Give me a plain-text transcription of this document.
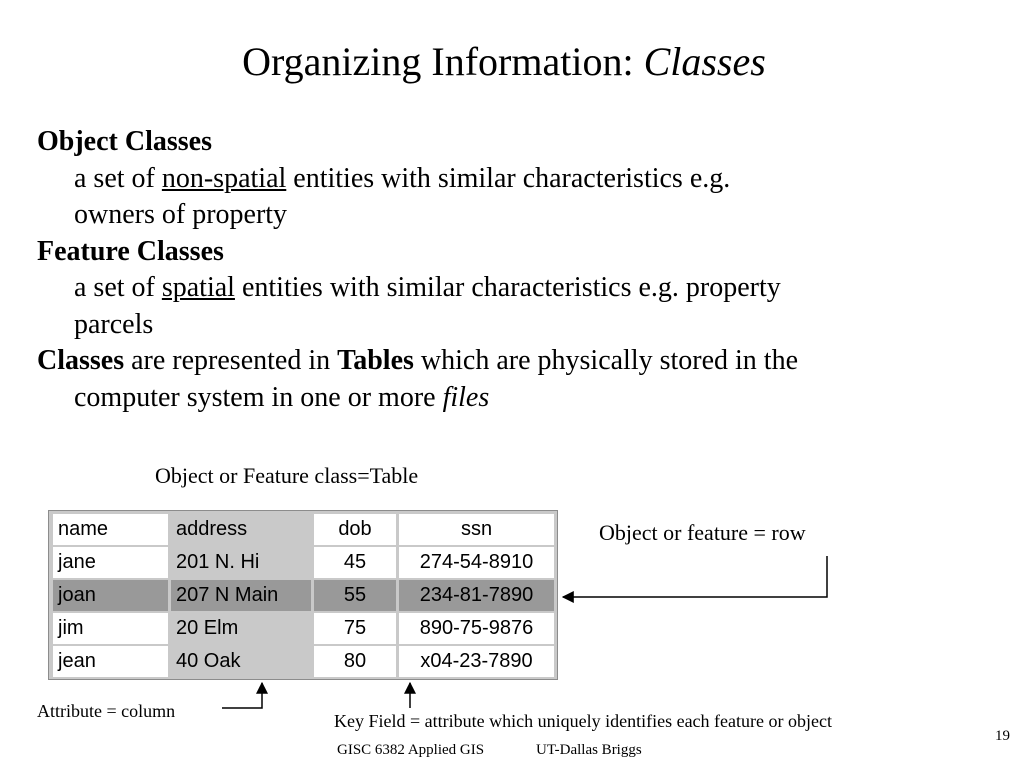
Organizing Information: Classes
Object Classes
a set of non-spatial entities with similar characteristics e.g.
owners of property
Feature Classes
a set of spatial entities with similar characteristics e.g. property
parcels
Classes are represented in Tables which are physically stored in the
computer system in one or more files
Object or Feature class=Table
name	address	dob	ssn
jane	201 N. Hi	45	274-54-8910
joan	207 N Main	55	234-81-7890
jim	20 Elm	75	890-75-9876
jean	40 Oak	80	x04-23-7890
Object or feature = row
Attribute = column	Key Field = attribute which uniquely identifies each feature or object
19
GISC 6382 Applied GIS	UT-Dallas Briggs
